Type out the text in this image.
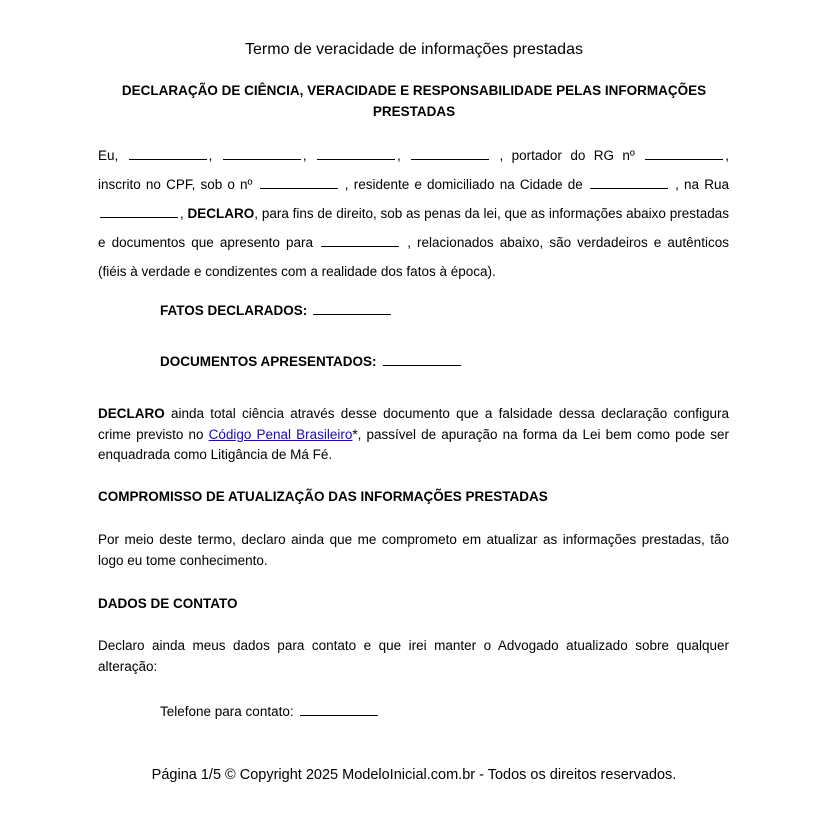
Termo de veracidade de informações prestadas
DECLARAÇÃO DE CIÊNCIA, VERACIDADE E RESPONSABILIDADE PELAS INFORMAÇÕES PRESTADAS
Eu,	,	,	,	, portador do RG nº	, inscrito no CPF, sob o nº	, residente e domiciliado na Cidade de	, na Rua , DECLARO, para fins de direito, sob as penas da lei, que as informações abaixo prestadas e documentos que apresento para	, relacionados abaixo, são verdadeiros e autênticos (fiéis à verdade e condizentes com a realidade dos fatos à época).
FATOS DECLARADOS:
DOCUMENTOS APRESENTADOS:
DECLARO ainda total ciência através desse documento que a falsidade dessa declaração configura crime previsto no Código Penal Brasileiro*, passível de apuração na forma da Lei bem como pode ser enquadrada como Litigância de Má Fé.
COMPROMISSO DE ATUALIZAÇÃO DAS INFORMAÇÕES PRESTADAS
Por meio deste termo, declaro ainda que me comprometo em atualizar as informações prestadas, tão logo eu tome conhecimento.
DADOS DE CONTATO
Declaro ainda meus dados para contato e que irei manter o Advogado atualizado sobre qualquer alteração:
Telefone para contato:
Página 1/5 © Copyright 2025 ModeloInicial.com.br - Todos os direitos reservados.
